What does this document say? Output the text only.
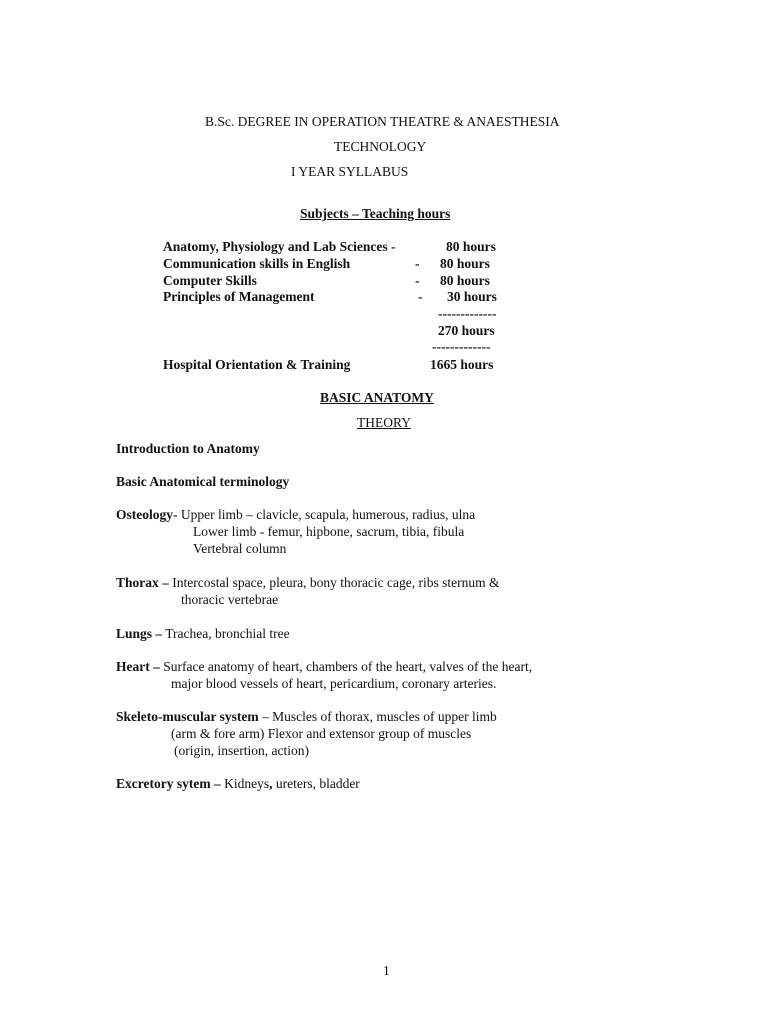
B.Sc. DEGREE IN OPERATION THEATRE & ANAESTHESIA
TECHNOLOGY
I YEAR SYLLABUS
Subjects – Teaching hours
Anatomy, Physiology and Lab Sciences -	80 hours
Communication skills in English	- 80 hours
Computer Skills	- 80 hours
Principles of Management	- 30 hours
-------------
270 hours
-------------
Hospital Orientation & Training	1665 hours
BASIC ANATOMY
THEORY
Introduction to Anatomy
Basic Anatomical terminology
Osteology- Upper limb – clavicle, scapula, humerous, radius, ulna
Lower limb - femur, hipbone, sacrum, tibia, fibula
Vertebral column
Thorax – Intercostal space, pleura, bony thoracic cage, ribs sternum &
thoracic vertebrae
Lungs – Trachea, bronchial tree
Heart – Surface anatomy of heart, chambers of the heart, valves of the heart,
major blood vessels of heart, pericardium, coronary arteries.
Skeleto-muscular system – Muscles of thorax, muscles of upper limb
(arm & fore arm) Flexor and extensor group of muscles
(origin, insertion, action)
Excretory sytem – Kidneys, ureters, bladder
1
